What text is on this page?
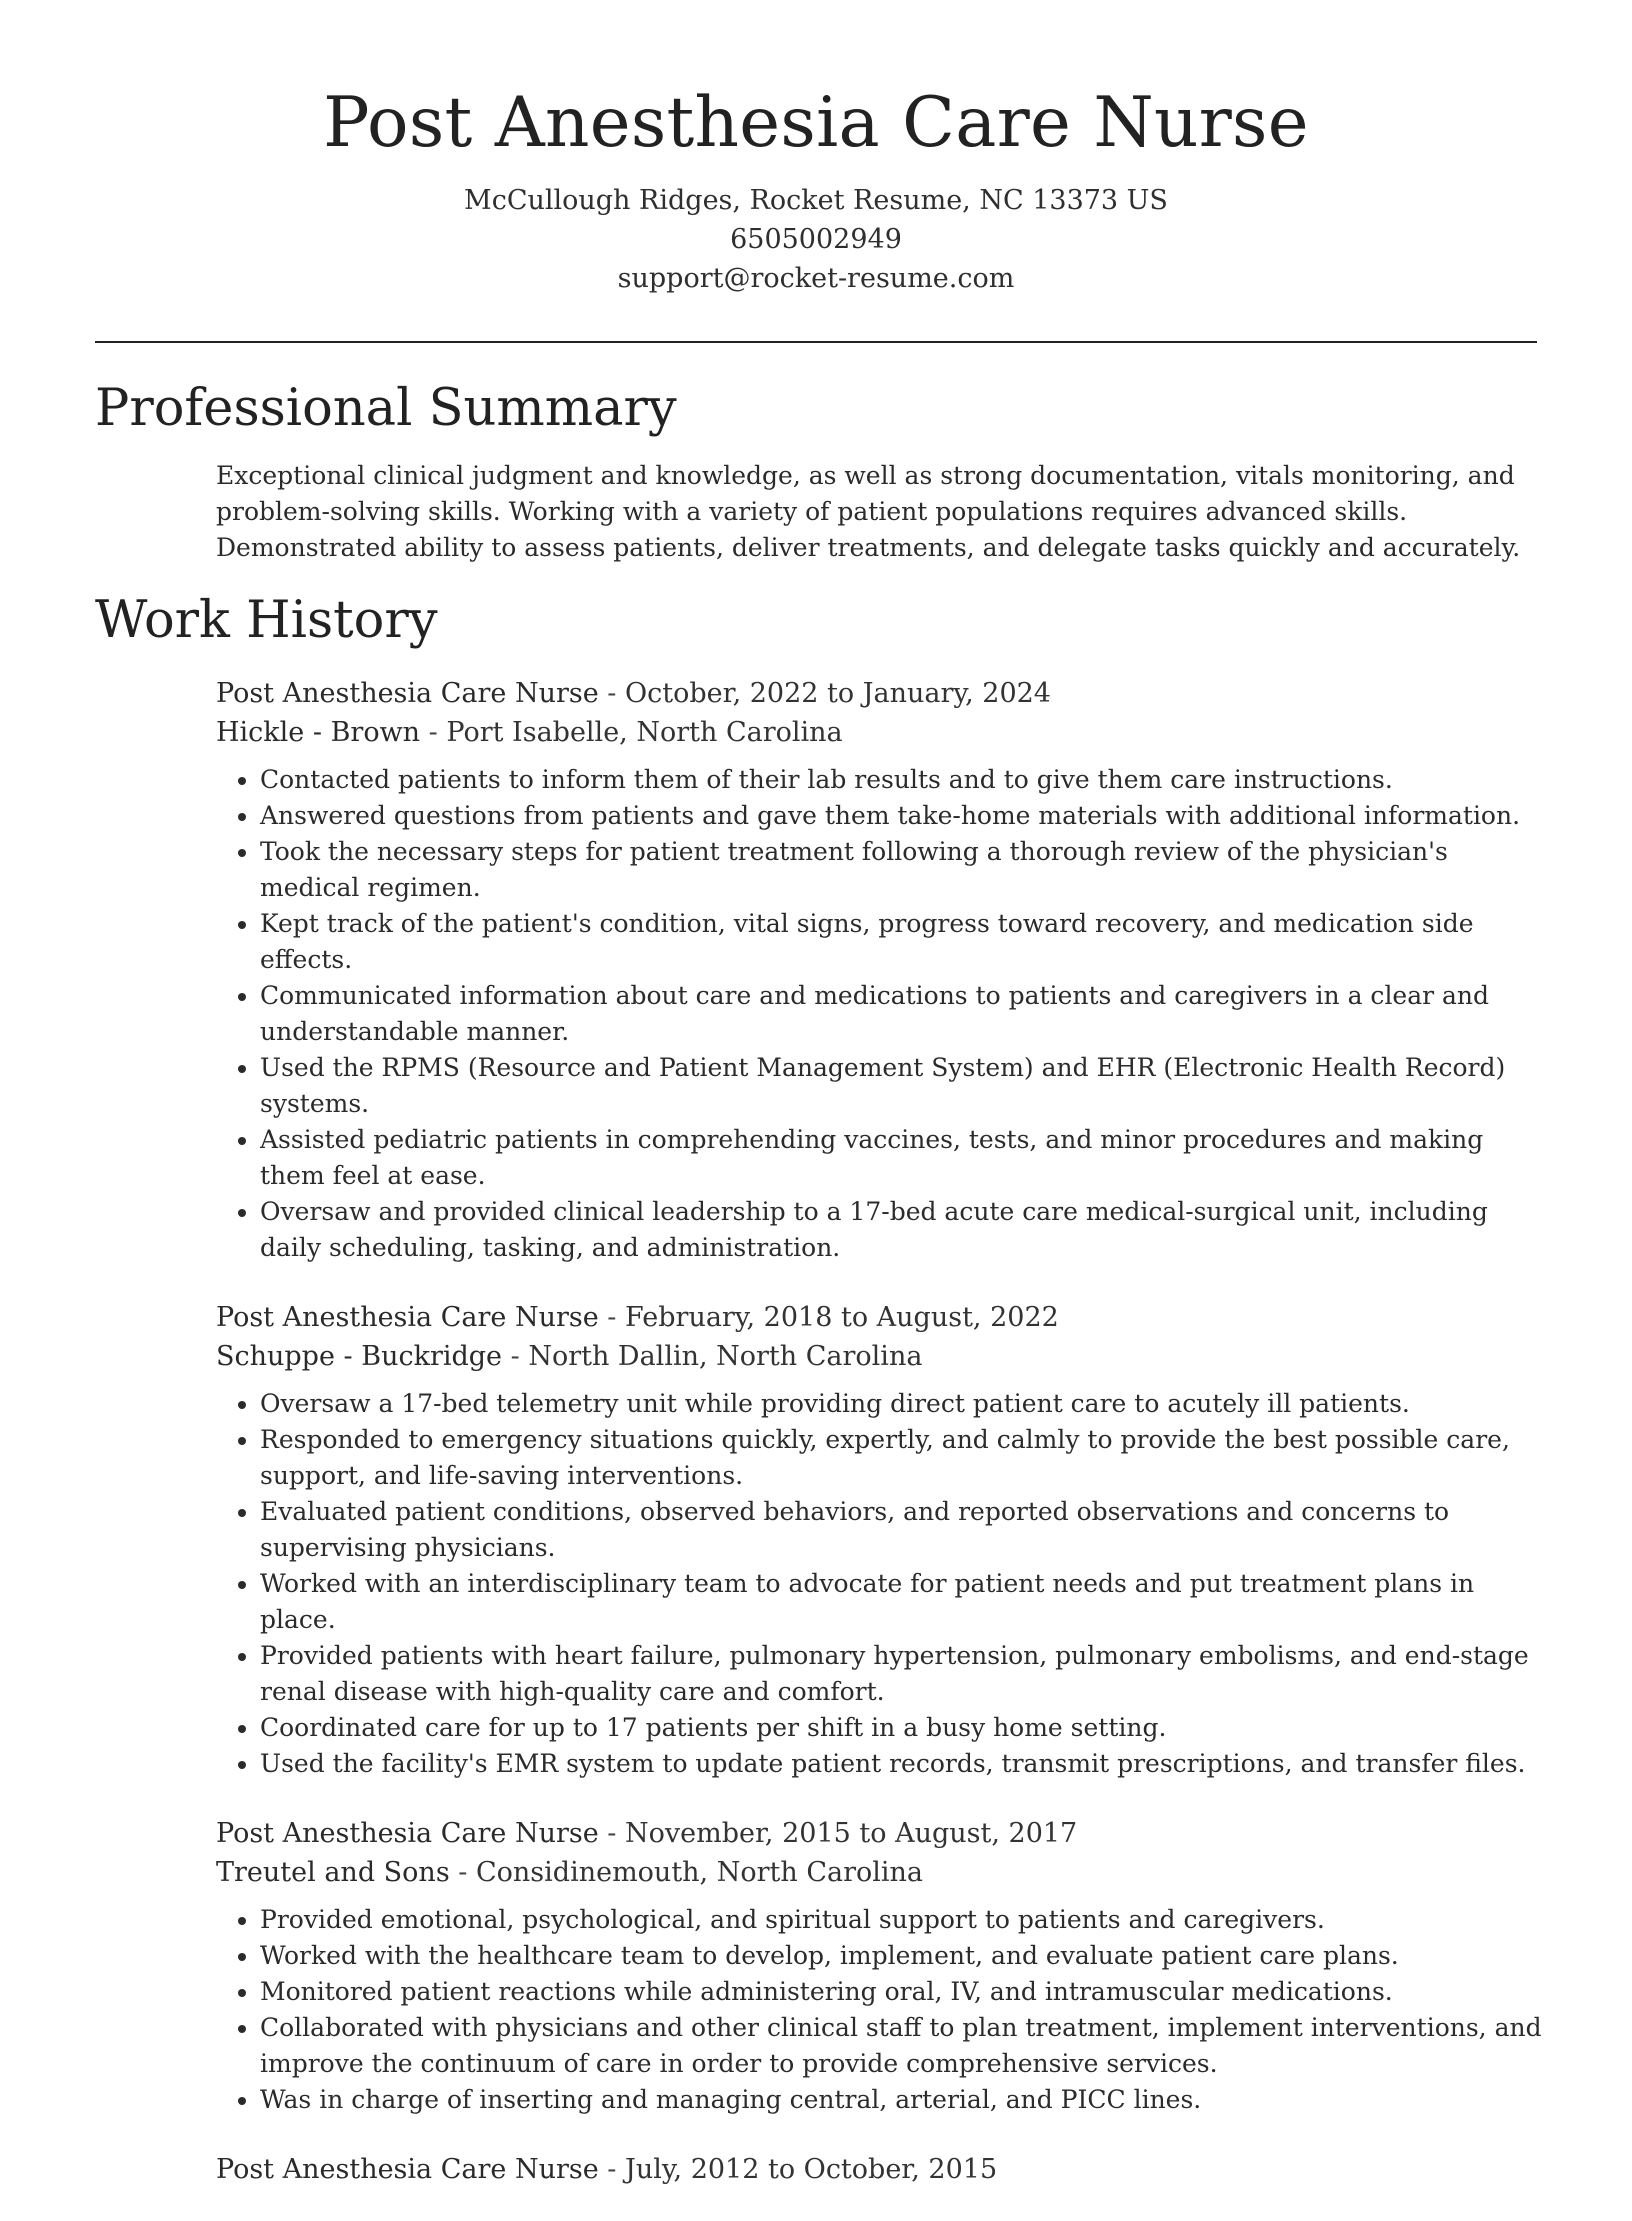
Post Anesthesia Care Nurse
McCullough Ridges, Rocket Resume, NC 13373 US
6505002949
support@rocket-resume.com
Professional Summary

Exceptional clinical judgment and knowledge, as well as strong documentation, vitals monitoring, and problem-solving skills. Working with a variety of patient populations requires advanced skills. Demonstrated ability to assess patients, deliver treatments, and delegate tasks quickly and accurately.

Work History

Post Anesthesia Care Nurse - October, 2022 to January, 2024

Hickle - Brown - Port Isabelle, North Carolina

• Contacted patients to inform them of their lab results and to give them care instructions.
• Answered questions from patients and gave them take-home materials with additional information.
• Took the necessary steps for patient treatment following a thorough review of the physician's medical regimen.
• Kept track of the patient's condition, vital signs, progress toward recovery, and medication side effects.
• Communicated information about care and medications to patients and caregivers in a clear and understandable manner.
• Used the RPMS (Resource and Patient Management System) and EHR (Electronic Health Record) systems.
• Assisted pediatric patients in comprehending vaccines, tests, and minor procedures and making them feel at ease.
• Oversaw and provided clinical leadership to a 17-bed acute care medical-surgical unit, including daily scheduling, tasking, and administration.

Post Anesthesia Care Nurse - February, 2018 to August, 2022

Schuppe - Buckridge - North Dallin, North Carolina

• Oversaw a 17-bed telemetry unit while providing direct patient care to acutely ill patients.
• Responded to emergency situations quickly, expertly, and calmly to provide the best possible care, support, and life-saving interventions.
• Evaluated patient conditions, observed behaviors, and reported observations and concerns to supervising physicians.
• Worked with an interdisciplinary team to advocate for patient needs and put treatment plans in place.
• Provided patients with heart failure, pulmonary hypertension, pulmonary embolisms, and end-stage renal disease with high-quality care and comfort.
• Coordinated care for up to 17 patients per shift in a busy home setting.
• Used the facility's EMR system to update patient records, transmit prescriptions, and transfer files.

Post Anesthesia Care Nurse - November, 2015 to August, 2017

Treutel and Sons - Considinemouth, North Carolina

• Provided emotional, psychological, and spiritual support to patients and caregivers.
• Worked with the healthcare team to develop, implement, and evaluate patient care plans.
• Monitored patient reactions while administering oral, IV, and intramuscular medications.
• Collaborated with physicians and other clinical staff to plan treatment, implement interventions, and improve the continuum of care in order to provide comprehensive services.
• Was in charge of inserting and managing central, arterial, and PICC lines.

Post Anesthesia Care Nurse - July, 2012 to October, 2015
